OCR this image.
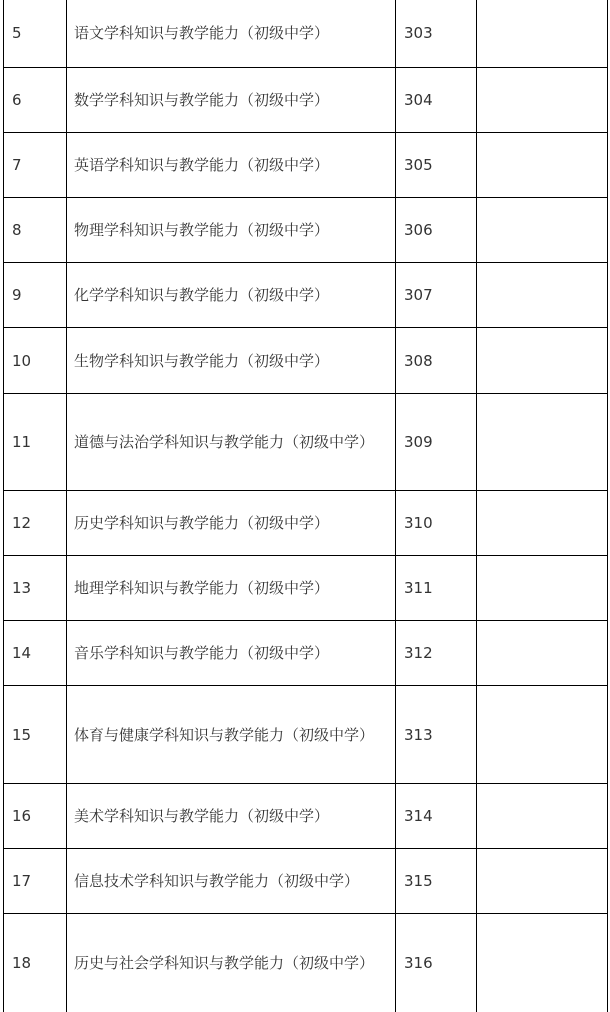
5	语文学科知识与教学能力（初级中学）	303	
6	数学学科知识与教学能力（初级中学）	304	
7	英语学科知识与教学能力（初级中学）	305	
8	物理学科知识与教学能力（初级中学）	306	
9	化学学科知识与教学能力（初级中学）	307	
10	生物学科知识与教学能力（初级中学）	308	
11	道德与法治学科知识与教学能力（初级中学）	309	
12	历史学科知识与教学能力（初级中学）	310	
13	地理学科知识与教学能力（初级中学）	311	
14	音乐学科知识与教学能力（初级中学）	312	
15	体育与健康学科知识与教学能力（初级中学）	313	
16	美术学科知识与教学能力（初级中学）	314	
17	信息技术学科知识与教学能力（初级中学）	315	
18	历史与社会学科知识与教学能力（初级中学）	316	
